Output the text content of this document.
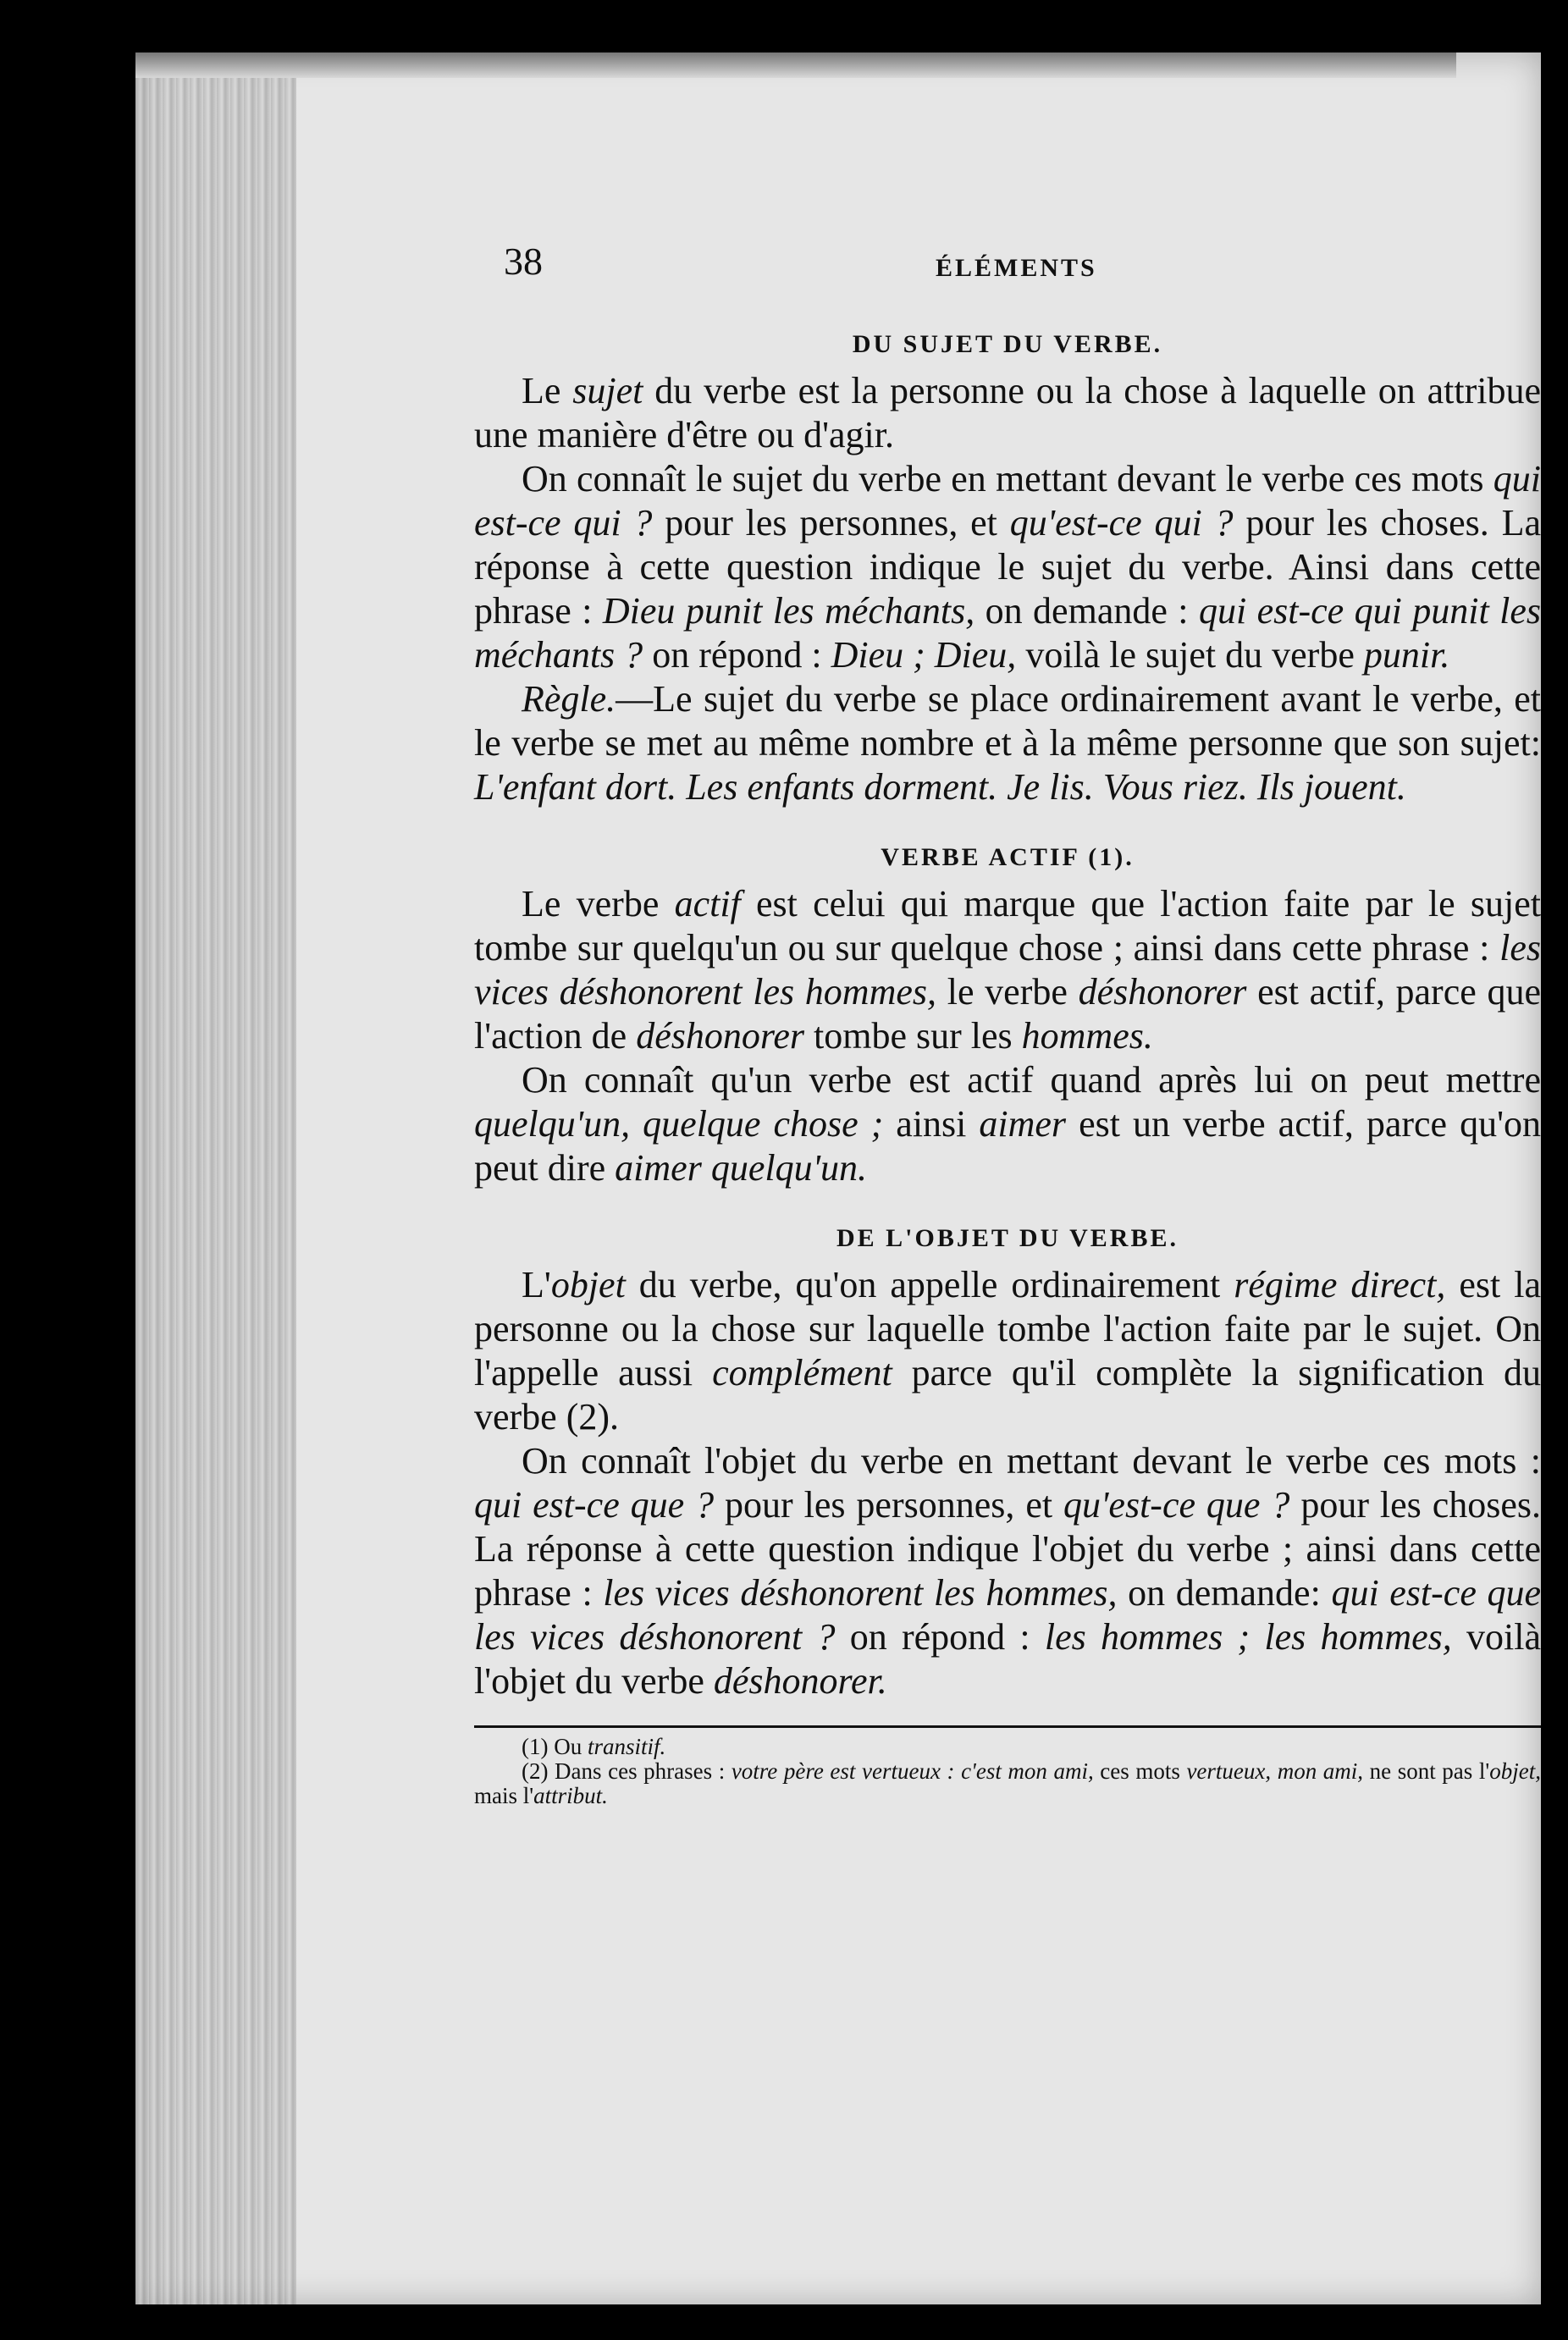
38	ÉLÉMENTS
DU SUJET DU VERBE.

Le sujet du verbe est la personne ou la chose à laquelle on attribue une manière d'être ou d'agir.

On connaît le sujet du verbe en mettant devant le verbe ces mots qui est-ce qui ? pour les personnes, et qu'est-ce qui ? pour les choses. La réponse à cette question indique le sujet du verbe. Ainsi dans cette phrase : Dieu punit les méchants, on demande : qui est-ce qui punit les méchants ? on répond : Dieu ; Dieu, voilà le sujet du verbe punir.

Règle.—Le sujet du verbe se place ordinairement avant le verbe, et le verbe se met au même nombre et à la même personne que son sujet: L'enfant dort. Les enfants dorment. Je lis. Vous riez. Ils jouent.

VERBE ACTIF (1).

Le verbe actif est celui qui marque que l'action faite par le sujet tombe sur quelqu'un ou sur quelque chose ; ainsi dans cette phrase : les vices déshonorent les hommes, le verbe déshonorer est actif, parce que l'action de déshonorer tombe sur les hommes.

On connaît qu'un verbe est actif quand après lui on peut mettre quelqu'un, quelque chose ; ainsi aimer est un verbe actif, parce qu'on peut dire aimer quelqu'un.

DE L'OBJET DU VERBE.

L'objet du verbe, qu'on appelle ordinairement régime direct, est la personne ou la chose sur laquelle tombe l'action faite par le sujet. On l'appelle aussi complément parce qu'il complète la signification du verbe (2).

On connaît l'objet du verbe en mettant devant le verbe ces mots : qui est-ce que ? pour les personnes, et qu'est-ce que ? pour les choses. La réponse à cette question indique l'objet du verbe ; ainsi dans cette phrase : les vices déshonorent les hommes, on demande: qui est-ce que les vices déshonorent ? on répond : les hommes ; les hommes, voilà l'objet du verbe déshonorer.

(1) Ou transitif.

(2) Dans ces phrases : votre père est vertueux : c'est mon ami, ces mots vertueux, mon ami, ne sont pas l'objet, mais l'attribut.
